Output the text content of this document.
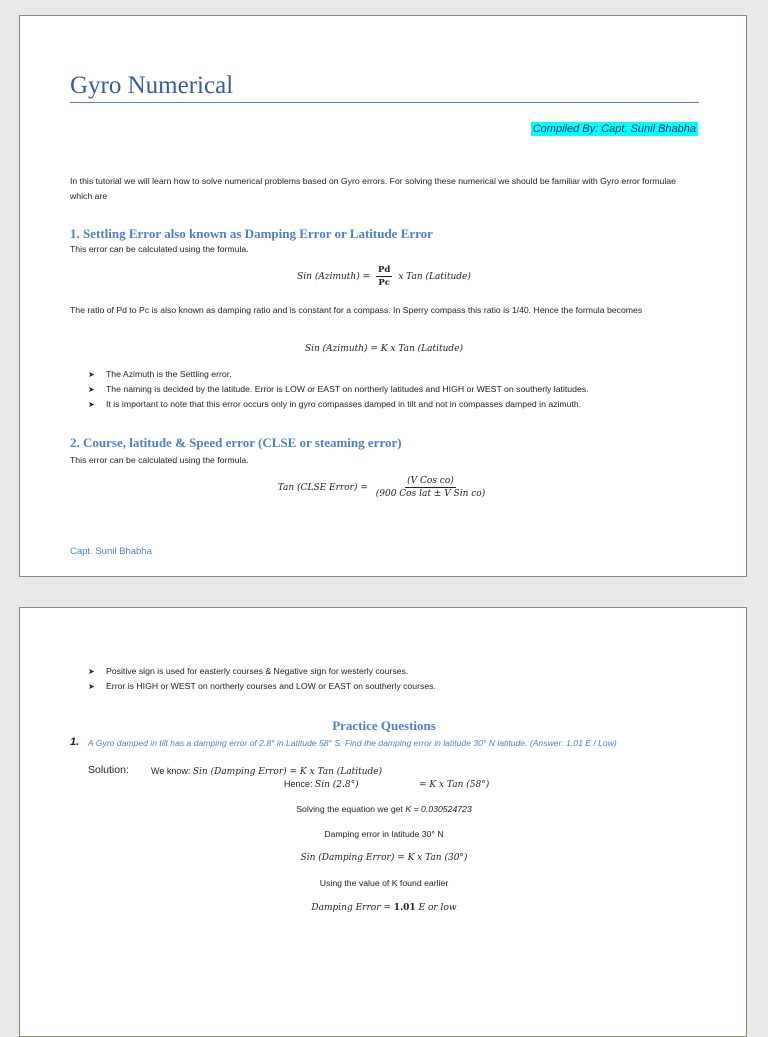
Gyro Numerical
Compiled By: Capt. Sunil Bhabha
In this tutorial we will learn how to solve numerical problems based on Gyro errors. For solving these numerical we should be familiar with Gyro error formulae which are
1. Settling Error also known as Damping Error or Latitude Error
This error can be calculated using the formula.
Sin (Azimuth) = $\frac{Pd}{Pc}$ x Tan (Latitude)
The ratio of Pd to Pc is also known as damping ratio and is constant for a compass. In Sperry compass this ratio is 1/40. Hence the formula becomes
Sin (Azimuth) = K x Tan (Latitude)
➤ The Azimuth is the Settling error.
➤ The naming is decided by the latitude. Error is LOW or EAST on northerly latitudes and HIGH or WEST on southerly latitudes.
➤ It is important to note that this error occurs only in gyro compasses damped in tilt and not in compasses damped in azimuth.
2. Course, latitude & Speed error (CLSE or steaming error)
This error can be calculated using the formula.
Tan (CLSE Error) = $\frac{\text{(V Cos co)}}{\text{(900 Cos lat ± V Sin co)}}$
Capt. Sunil Bhabha
➤ Positive sign is used for easterly courses & Negative sign for westerly courses.
➤ Error is HIGH or WEST on northerly courses and LOW or EAST on southerly courses.
Practice Questions
1. A Gyro damped in tilt has a damping error of 2.8° in Latitude 58° S. Find the damping error in latitude 30° N latitude. (Answer: 1.01 E / Low)
Solution: We know: Sin (Damping Error) = K x Tan (Latitude)
Hence: Sin (2.8°)	= K x Tan (58°)
Solving the equation we get K = 0.030524723
Damping error in latitude 30° N
Sin (Damping Error) = K x Tan (30°)
Using the value of K found earlier
Damping Error = 1.01 E or low
